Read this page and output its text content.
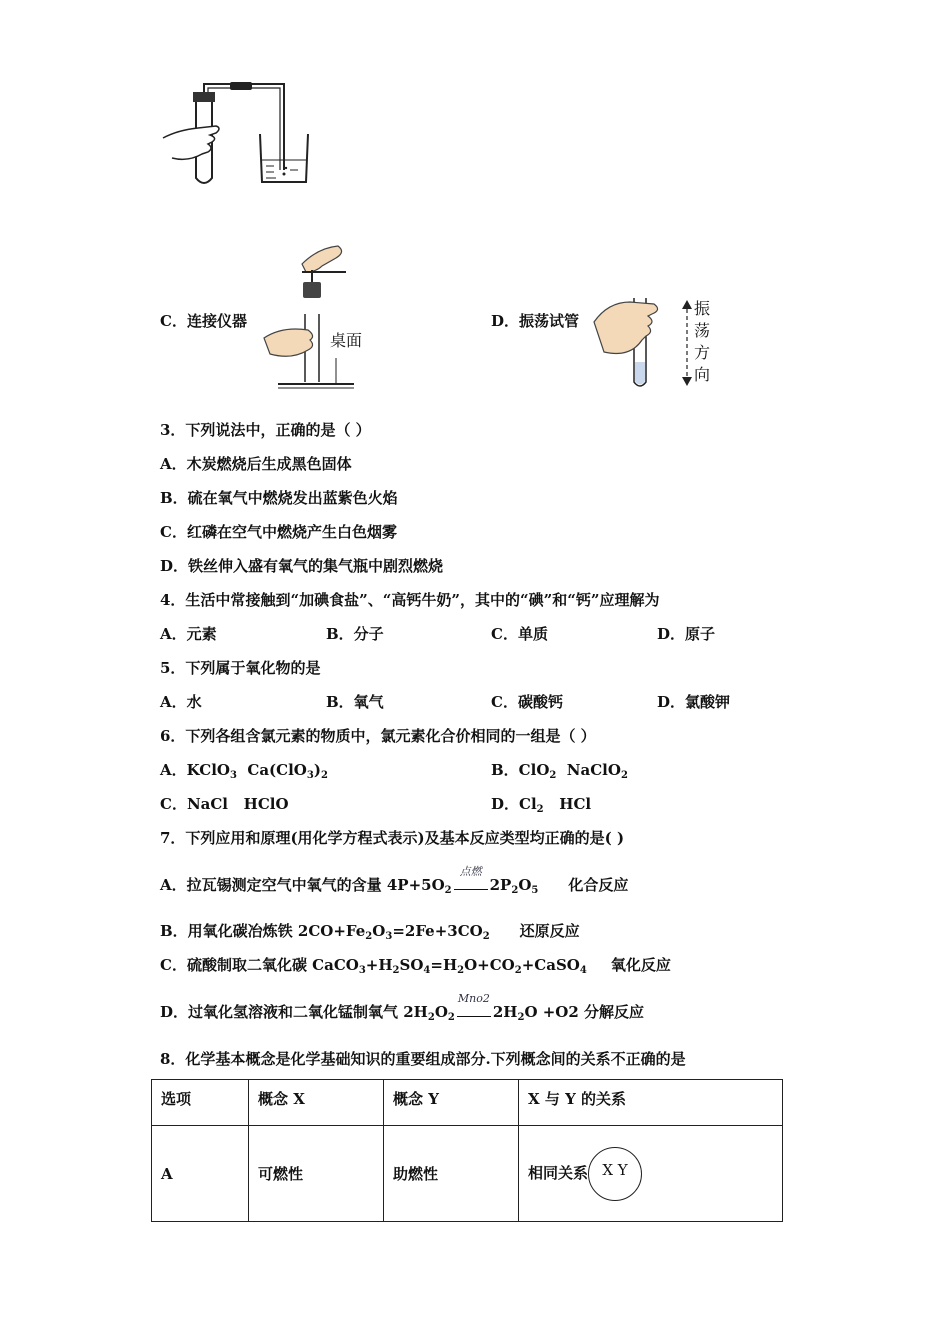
C．连接仪器
桌面
D．振荡试管
振
荡
方
向
3．下列说法中，正确的是（ ）
A．木炭燃烧后生成黑色固体
B．硫在氧气中燃烧发出蓝紫色火焰
C．红磷在空气中燃烧产生白色烟雾
D．铁丝伸入盛有氧气的集气瓶中剧烈燃烧
4．生活中常接触到“加碘食盐”、“高钙牛奶”，其中的“碘”和“钙”应理解为
A．元素	B．分子	C．单质	D．原子
5．下列属于氧化物的是
A．水	B．氧气	C．碳酸钙	D．氯酸钾
6．下列各组含氯元素的物质中，氯元素化合价相同的一组是（ ）
A．KClO$_3$  $Ca(ClO_3)_2$	B．ClO$_2$  NaClO$_2$
C．NaCl   HClO	D．$Cl_2$   HCl
7．下列应用和原理(用化学方程式表示)及基本反应类型均正确的是( )
A．拉瓦锡测定空气中氧气的含量 $4P+5O_2$
点燃
$2P_2O_5$ 化合反应
B．用氧化碳冶炼铁 $2CO+Fe_2O_3=2Fe+3CO_2$ 还原反应
C．硫酸制取二氧化碳 $CaCO_3+H_2SO_4=H_2O+CO_2+CaSO_4$ 氧化反应
D．过氧化氢溶液和二氧化锰制氧气 $2H_2O_2$
Mno2
$2H_2O +O2$ 分解反应
8．化学基本概念是化学基础知识的重要组成部分.下列概念间的关系不正确的是
选项	概念 X	概念 Y	X 与 Y 的关系
A	可燃性	助燃性	相同关系 X Y
